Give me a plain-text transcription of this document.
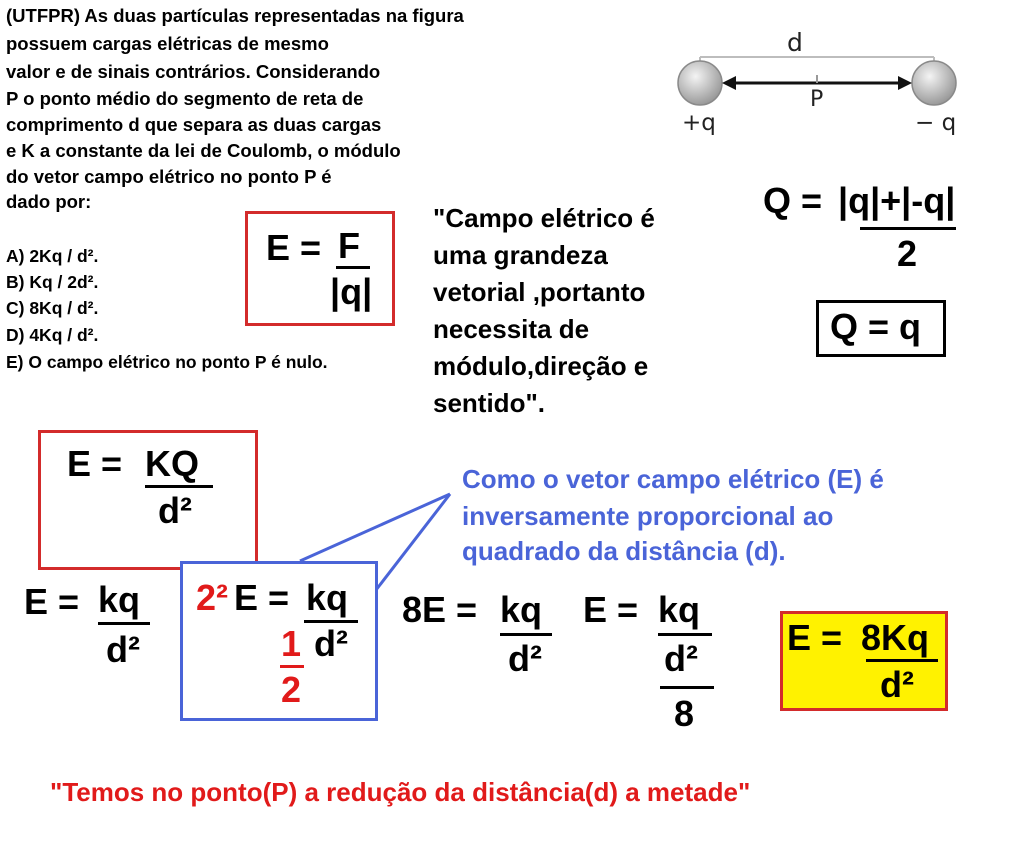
(UTFPR) As duas partículas representadas na figura
possuem cargas elétricas de mesmo
valor e de sinais contrários. Considerando
P o ponto médio do segmento de reta de
comprimento d que separa as duas cargas
e K a constante da lei de Coulomb, o módulo
do vetor campo elétrico no ponto P é
dado por:
A) 2Kq / d².
B) Kq / 2d².
C) 8Kq / d².
D) 4Kq / d².
E) O campo elétrico no ponto P é nulo.
d
P
+q	− q
E = F
|q|
"Campo elétrico é
uma grandeza
vetorial ,portanto
necessita de
módulo,direção e
sentido".
Q = |q|+|-q|
2
Q = q
E = KQ
d²
Como o vetor campo elétrico (E) é
inversamente proporcional ao
quadrado da distância (d).
E = kq
d²
2² E = kq
1
2
d²
8E = kq
d²
E = kq
d²
8
E = 8Kq
d²
"Temos no ponto(P) a redução da distância(d) a metade"
